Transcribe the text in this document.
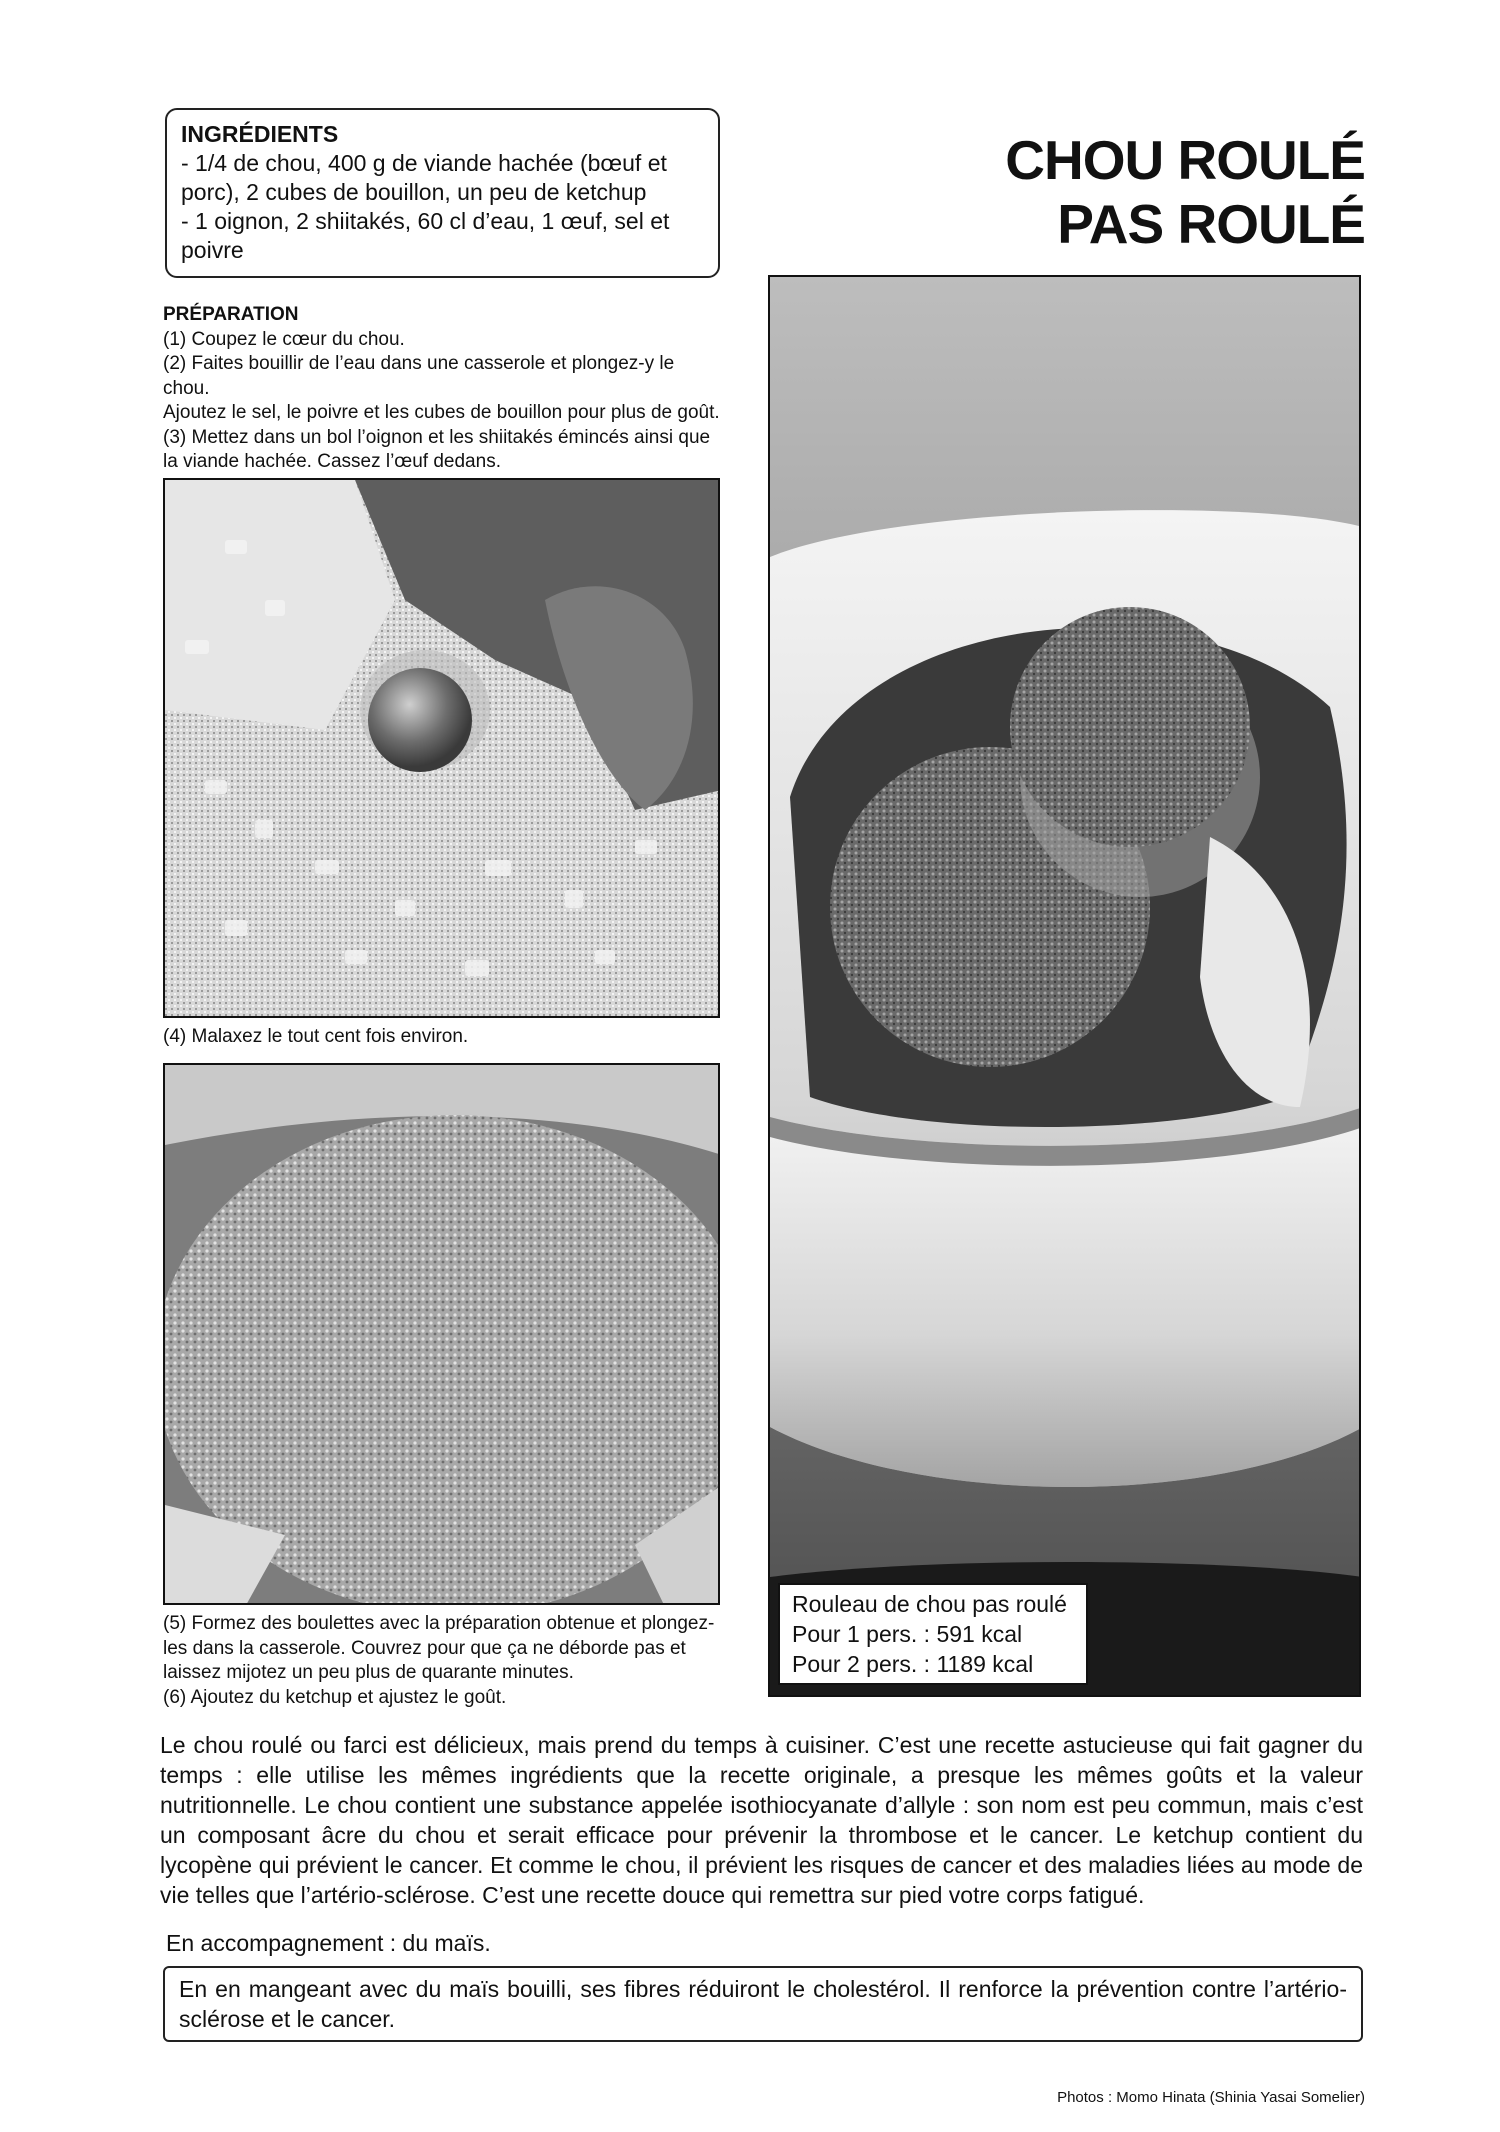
INGRÉDIENTS
- 1/4 de chou, 400 g de viande hachée (bœuf et
porc), 2 cubes de bouillon, un peu de ketchup
- 1 oignon, 2 shiitakés, 60 cl d’eau, 1 œuf, sel et
poivre
CHOU ROULÉ
PAS ROULÉ
PRÉPARATION
(1) Coupez le cœur du chou.
(2) Faites bouillir de l’eau dans une casserole et plongez-y le chou.
Ajoutez le sel, le poivre et les cubes de bouillon pour plus de goût.
(3) Mettez dans un bol l’oignon et les shiitakés émincés ainsi que
la viande hachée. Cassez l’œuf dedans.
(4) Malaxez le tout cent fois environ.
(5) Formez des boulettes avec la préparation obtenue et plongez-
les dans la casserole. Couvrez pour que ça ne déborde pas et
laissez mijotez un peu plus de quarante minutes.
(6) Ajoutez du ketchup et ajustez le goût.
Rouleau de chou pas roulé
Pour 1 pers. : 591 kcal
Pour 2 pers. : 1189 kcal
Le chou roulé ou farci est délicieux, mais prend du temps à cuisiner. C’est une recette astucieuse qui fait gagner du temps : elle utilise les mêmes ingrédients que la recette originale, a presque les mêmes goûts et la valeur nutritionnelle. Le chou contient une substance appelée isothiocyanate d’allyle : son nom est peu commun, mais c’est un composant âcre du chou et serait efficace pour prévenir la thrombose et le cancer. Le ketchup contient du lycopène qui prévient le cancer. Et comme le chou, il prévient les risques de cancer et des maladies liées au mode de vie telles que l’artério-sclérose. C’est une recette douce qui remettra sur pied votre corps fatigué.
En accompagnement : du maïs.
En en mangeant avec du maïs bouilli, ses fibres réduiront le cholestérol. Il renforce la prévention contre l’artério-sclérose et le cancer.
Photos : Momo Hinata (Shinia Yasai Somelier)
